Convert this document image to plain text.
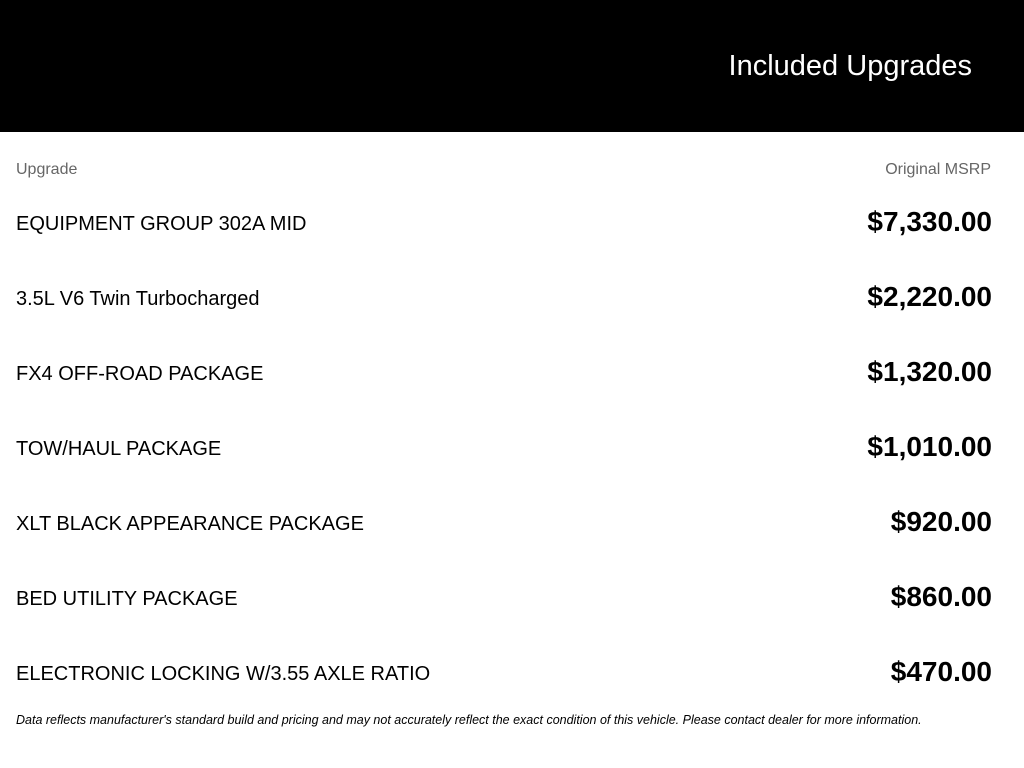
Included Upgrades
Upgrade	Original MSRP
EQUIPMENT GROUP 302A MID	$7,330.00
3.5L V6 Twin Turbocharged	$2,220.00
FX4 OFF-ROAD PACKAGE	$1,320.00
TOW/HAUL PACKAGE	$1,010.00
XLT BLACK APPEARANCE PACKAGE	$920.00
BED UTILITY PACKAGE	$860.00
ELECTRONIC LOCKING W/3.55 AXLE RATIO	$470.00
Data reflects manufacturer's standard build and pricing and may not accurately reflect the exact condition of this vehicle. Please contact dealer for more information.
